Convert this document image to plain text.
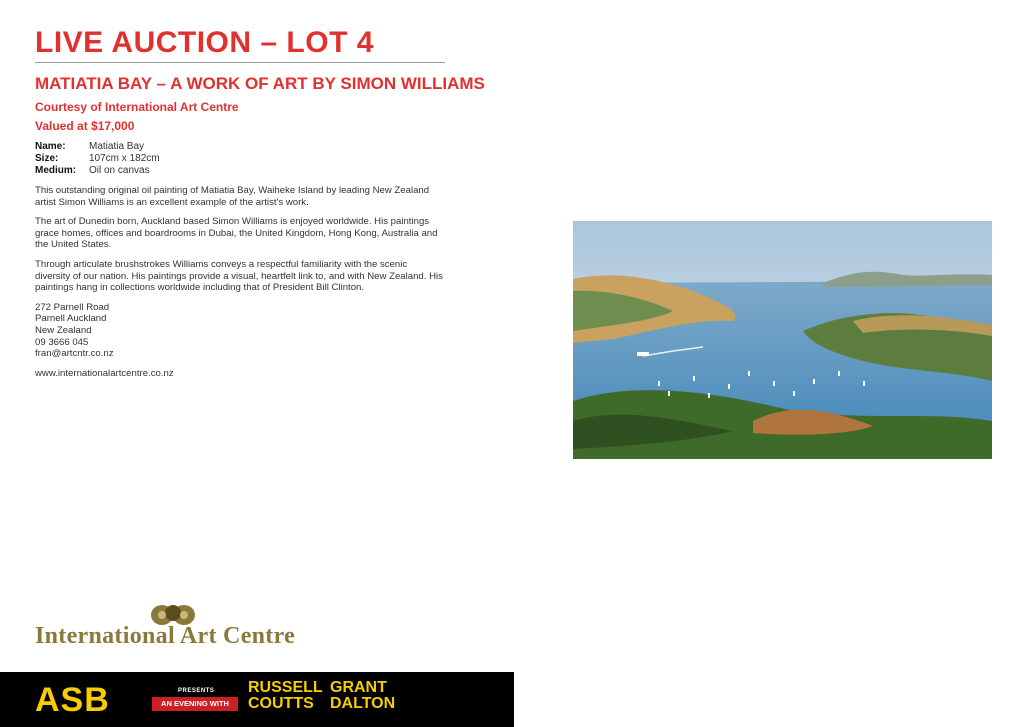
LIVE AUCTION – LOT 4
MATIATIA BAY – A WORK OF ART BY SIMON WILLIAMS
Courtesy of International Art Centre
Valued at $17,000
Name:	Matiatia Bay
Size:	107cm x 182cm
Medium:	Oil on canvas

This outstanding original oil painting of Matiatia Bay, Waiheke Island by leading New Zealand artist Simon Williams is an excellent example of the artist's work.

The art of Dunedin born, Auckland based Simon Williams is enjoyed worldwide. His paintings grace homes, offices and boardrooms in Dubai, the United Kingdom, Hong Kong, Australia and the United States.

Through articulate brushstrokes Williams conveys a respectful familiarity with the scenic diversity of our nation. His paintings provide a visual, heartfelt link to, and with New Zealand. His paintings hang in collections worldwide including that of President Bill Clinton.

272 Parnell Road
Parnell Auckland
New Zealand
09 3666 045
fran@artcntr.co.nz
www.internationalartcentre.co.nz
International Art Centre
ASB	PRESENTS
AN EVENING WITH
RUSSELL
COUTTS
GRANT
DALTON
